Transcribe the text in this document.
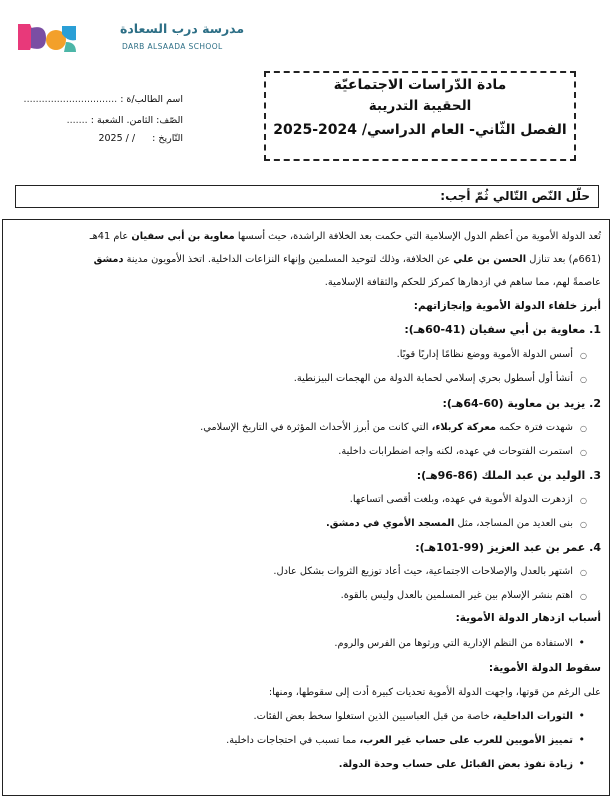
مدرسة درب السعادة
DARB ALSAADA SCHOOL
مادة الدّراسات الاجتماعيّة
الحقيبة التدريبة
الفصل الثّاني- العام الدراسي/ 2024-2025
اسم الطالب/ة : ...............................
الصّف: الثامن. الشعبة : .......
التّاريخ : / / 2025
حلّل النّص التّالي ثُمّ أجب:
تُعد الدولة الأموية من أعظم الدول الإسلامية التي حكمت بعد الخلافة الراشدة، حيث أسسها معاوية بن أبي سفيان عام 41هـ
(661م) بعد تنازل الحسن بن علي عن الخلافة، وذلك لتوحيد المسلمين وإنهاء النزاعات الداخلية. اتخذ الأمويون مدينة دمشق
عاصمةً لهم، مما ساهم في ازدهارها كمركز للحكم والثقافة الإسلامية.
أبرز خلفاء الدولة الأموية وإنجازاتهم:
1. معاوية بن أبي سفيان (41-60هـ):
○ أسس الدولة الأموية ووضع نظامًا إداريًا قويًا.
○ أنشأ أول أسطول بحري إسلامي لحماية الدولة من الهجمات البيزنطية.
2. يزيد بن معاوية (60-64هـ):
○ شهدت فترة حكمه معركة كربلاء، التي كانت من أبرز الأحداث المؤثرة في التاريخ الإسلامي.
○ استمرت الفتوحات في عهده، لكنه واجه اضطرابات داخلية.
3. الوليد بن عبد الملك (86-96هـ):
○ ازدهرت الدولة الأموية في عهده، وبلغت أقصى اتساعها.
○ بنى العديد من المساجد، مثل المسجد الأموي في دمشق.
4. عمر بن عبد العزيز (99-101هـ):
○ اشتهر بالعدل والإصلاحات الاجتماعية، حيث أعاد توزيع الثروات بشكل عادل.
○ اهتم بنشر الإسلام بين غير المسلمين بالعدل وليس بالقوة.
أسباب ازدهار الدولة الأموية:
• الاستفادة من النظم الإدارية التي ورثوها من الفرس والروم.
سقوط الدولة الأموية:
على الرغم من قوتها، واجهت الدولة الأموية تحديات كبيرة أدت إلى سقوطها، ومنها:
• الثورات الداخلية، خاصة من قبل العباسيين الذين استغلوا سخط بعض الفئات.
• تمييز الأمويين للعرب على حساب غير العرب، مما تسبب في احتجاجات داخلية.
• زيادة نفوذ بعض القبائل على حساب وحدة الدولة.
